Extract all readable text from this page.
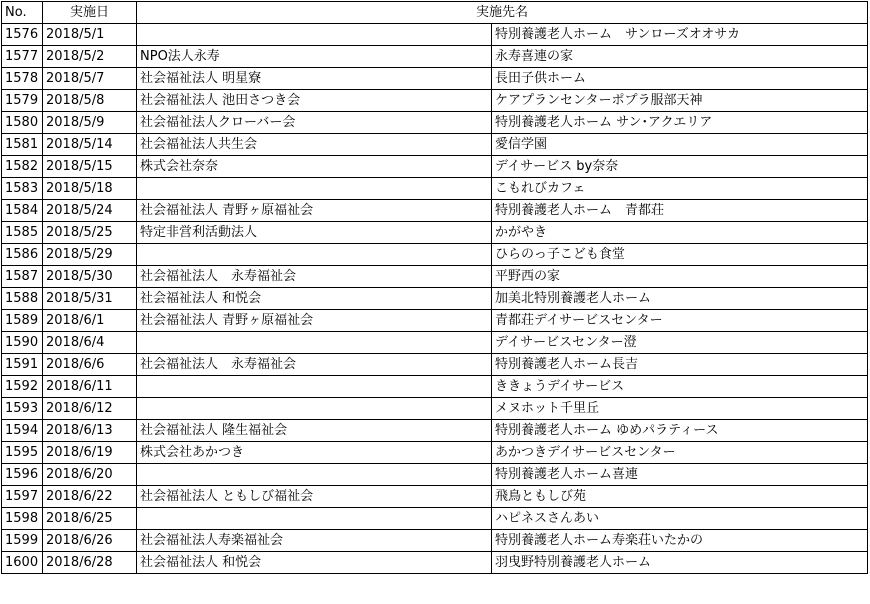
No.	実施日	実施先名	
1576	2018/5/1		特別養護老人ホーム　サンローズオオサカ
1577	2018/5/2	NPO法人永寿	永寿喜連の家
1578	2018/5/7	社会福祉法人 明星寮	長田子供ホーム
1579	2018/5/8	社会福祉法人 池田さつき会	ケアプランセンターポプラ服部天神
1580	2018/5/9	社会福祉法人クローバー会	特別養護老人ホーム サン･アクエリア
1581	2018/5/14	社会福祉法人共生会	愛信学園
1582	2018/5/15	株式会社奈奈	デイサービス by奈奈
1583	2018/5/18		こもれびカフェ
1584	2018/5/24	社会福祉法人 青野ヶ原福祉会	特別養護老人ホーム　青都荘
1585	2018/5/25	特定非営利活動法人	かがやき
1586	2018/5/29		ひらのっ子こども食堂
1587	2018/5/30	社会福祉法人　永寿福祉会	平野西の家
1588	2018/5/31	社会福祉法人 和悦会	加美北特別養護老人ホーム
1589	2018/6/1	社会福祉法人 青野ヶ原福祉会	青都荘デイサービスセンター
1590	2018/6/4		デイサービスセンター澄
1591	2018/6/6	社会福祉法人　永寿福祉会	特別養護老人ホーム長吉
1592	2018/6/11		ききょうデイサービス
1593	2018/6/12		メヌホット千里丘
1594	2018/6/13	社会福祉法人 隆生福祉会	特別養護老人ホーム ゆめパラティース
1595	2018/6/19	株式会社あかつき	あかつきデイサービスセンター
1596	2018/6/20		特別養護老人ホーム喜連
1597	2018/6/22	社会福祉法人 ともしび福祉会	飛鳥ともしび苑
1598	2018/6/25		ハピネスさんあい
1599	2018/6/26	社会福祉法人寿楽福祉会	特別養護老人ホーム寿楽荘いたかの
1600	2018/6/28	社会福祉法人 和悦会	羽曳野特別養護老人ホーム
